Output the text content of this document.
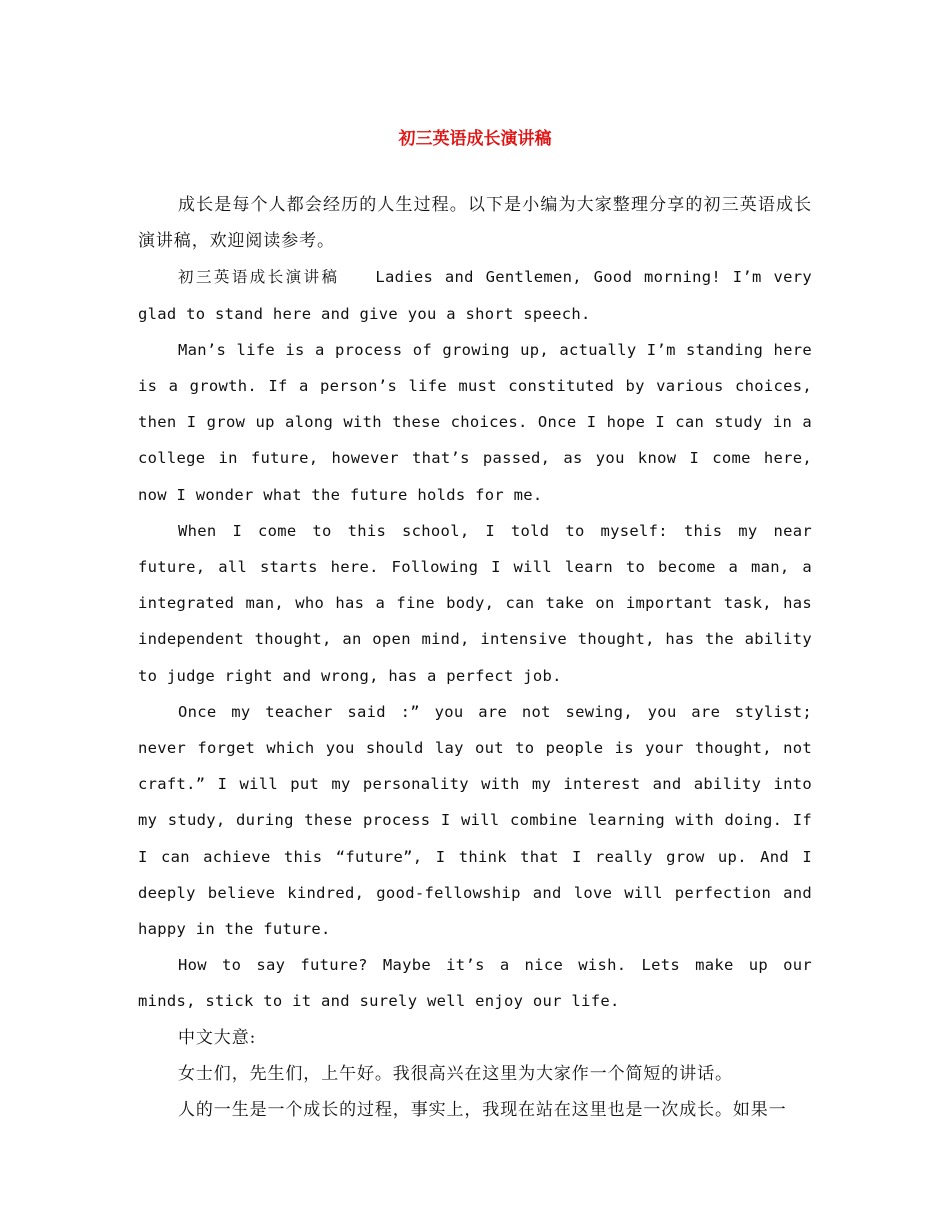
初三英语成长演讲稿

成长是每个人都会经历的人生过程。以下是小编为大家整理分享的初三英语成长演讲稿，欢迎阅读参考。

初三英语成长演讲稿　　Ladies and Gentlemen, Good morning! I’m very glad to stand here and give you a short speech.

Man’s life is a process of growing up, actually I’m standing here is a growth. If a person’s life must constituted by various choices, then I grow up along with these choices. Once I hope I can study in a college in future, however that’s passed, as you know I come here, now I wonder what the future holds for me.

When I come to this school, I told to myself: this my near future, all starts here. Following I will learn to become a man, a integrated man, who has a fine body, can take on important task, has independent thought, an open mind, intensive thought, has the ability to judge right and wrong, has a perfect job.

Once my teacher said :” you are not sewing, you are stylist; never forget which you should lay out to people is your thought, not craft.” I will put my personality with my interest and ability into my study, during these process I will combine learning with doing. If I can achieve this “future”, I think that I really grow up. And I deeply believe kindred, good-fellowship and love will perfection and happy in the future.

How to say future? Maybe it’s a nice wish. Lets make up our minds, stick to it and surely well enjoy our life.

中文大意:

女士们，先生们，上午好。我很高兴在这里为大家作一个简短的讲话。

人的一生是一个成长的过程，事实上，我现在站在这里也是一次成长。如果一
